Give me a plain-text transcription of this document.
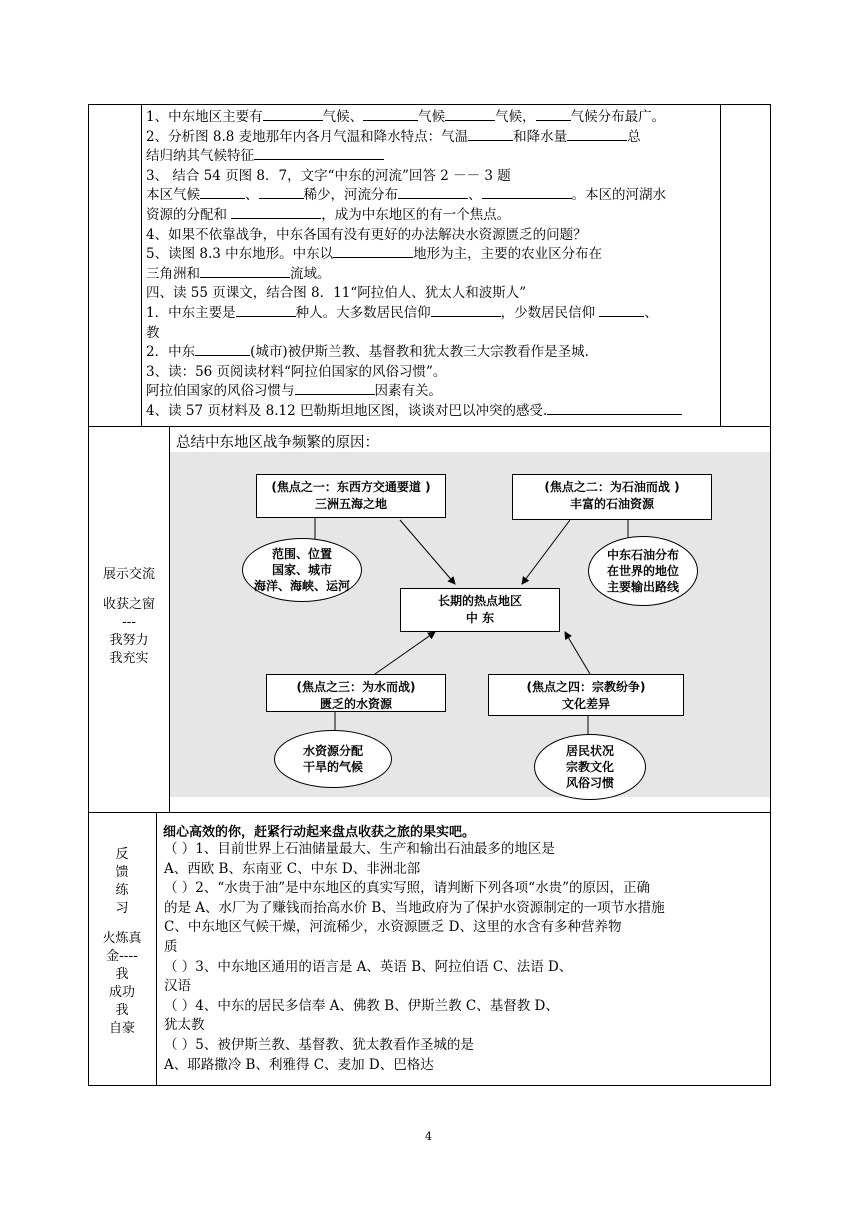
1、中东地区主要有	气候、	气候	气候，	气候分布最广。
2、分析图 8.8 麦地那年内各月气温和降水特点：气温	和降水量	总
结归纳其气候特征
3、 结合 54 页图 8．7，文字“中东的河流”回答 2 －－ 3 题
本区气候	、	稀少，河流分布	、	。本区的河湖水
资源的分配和	，成为中东地区的有一个焦点。
4、如果不依靠战争，中东各国有没有更好的办法解决水资源匮乏的问题？
5、读图 8.3 中东地形。中东以	地形为主，主要的农业区分布在
三角洲和	流域。
四、读 55 页课文，结合图 8．11“阿拉伯人、犹太人和波斯人”
1．中东主要是	种人。大多数居民信仰	，少数居民信仰	、
教
2．中东	(城市)被伊斯兰教、基督教和犹太教三大宗教看作是圣城.
3、读：56 页阅读材料“阿拉伯国家的风俗习惯”。
阿拉伯国家的风俗习惯与	因素有关。
4、读 57 页材料及 8.12 巴勒斯坦地区图，谈谈对巴以冲突的感受.
展示交流
收获之窗
---
我努力
我充实
总结中东地区战争频繁的原因：
(焦点之一：东西方交通要道 )
三洲五海之地
(焦点之二：为石油而战 )
丰富的石油资源
长期的热点地区
中 东
(焦点之三：为水而战)
匮乏的水资源
(焦点之四：宗教纷争)
文化差异
范围、位置
国家、城市
海洋、海峡、运河
中东石油分布
在世界的地位
主要输出路线
水资源分配
干旱的气候
居民状况
宗教文化
风俗习惯
反
馈
练
习
火炼真
金----
我
成功
我
自豪
细心高效的你，赶紧行动起来盘点收获之旅的果实吧。
（ ）1、目前世界上石油储量最大、生产和输出石油最多的地区是
A、西欧 B、东南亚 C、中东 D、非洲北部
（ ）2、“水贵于油”是中东地区的真实写照，请判断下列各项“水贵”的原因，正确
的是 A、水厂为了赚钱而抬高水价 B、当地政府为了保护水资源制定的一项节水措施
C、中东地区气候干燥，河流稀少，水资源匮乏 D、这里的水含有多种营养物
质
（ ）3、中东地区通用的语言是 A、英语 B、阿拉伯语 C、法语 D、
汉语
（ ）4、中东的居民多信奉 A、佛教 B、伊斯兰教 C、基督教 D、
犹太教
（ ）5、被伊斯兰教、基督教、犹太教看作圣城的是
A、耶路撒冷 B、利雅得 C、麦加 D、巴格达
4
